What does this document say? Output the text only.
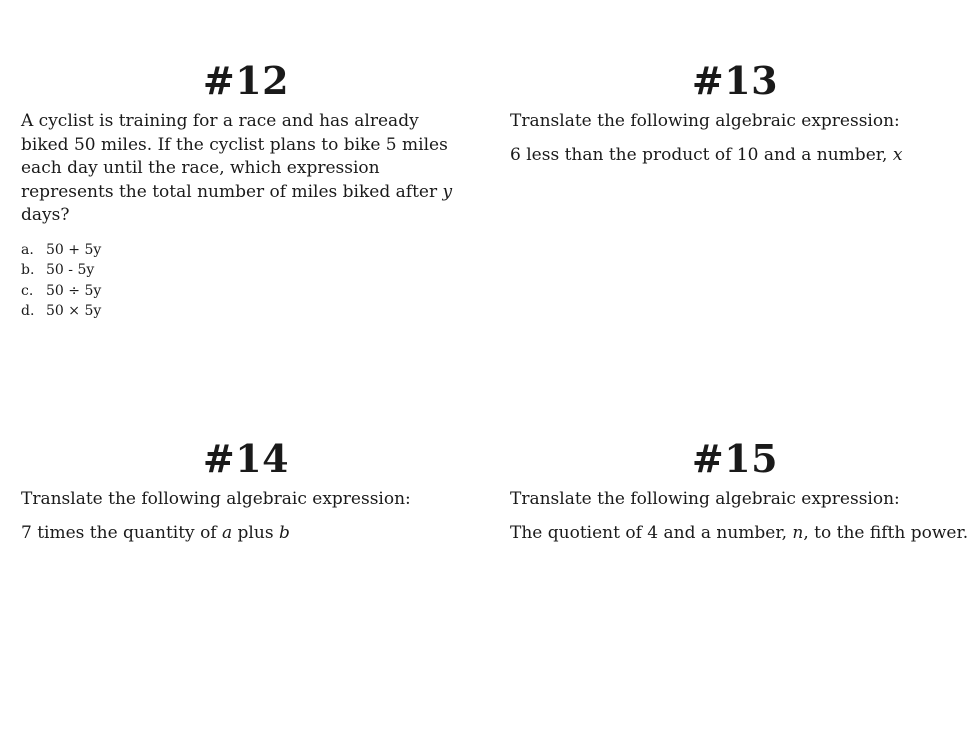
#12

A cyclist is training for a race and has already biked 50 miles. If the cyclist plans to bike 5 miles each day until the race, which expression represents the total number of miles biked after y days?

a. 50 + 5y
b. 50 - 5y
c. 50 ÷ 5y
d. 50 × 5y
#13

Translate the following algebraic expression:

6 less than the product of 10 and a number, x

#14

Translate the following algebraic expression:

7 times the quantity of a plus b

#15

Translate the following algebraic expression:

The quotient of 4 and a number, n, to the fifth power.
